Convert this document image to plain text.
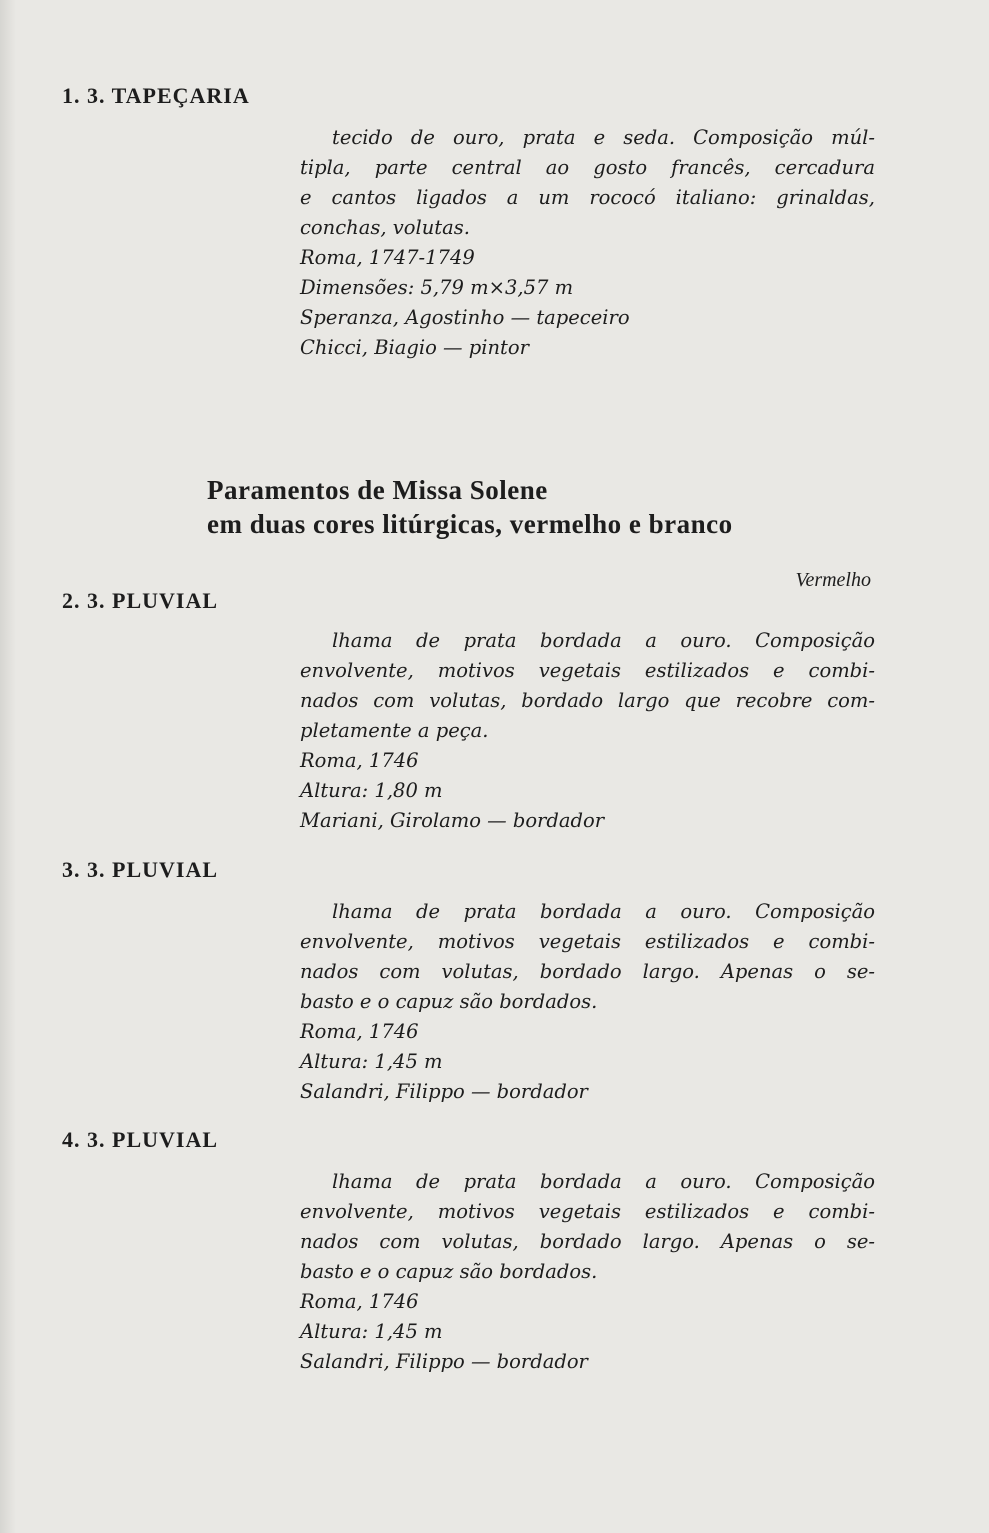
1. 3. TAPEÇARIA

tecido de ouro, prata e seda. Composição múl-

tipla, parte central ao gosto francês, cercadura

e cantos ligados a um rococó italiano: grinaldas,

conchas, volutas.

Roma, 1747-1749

Dimensões: 5,79 m×3,57 m

Speranza, Agostinho — tapeceiro

Chicci, Biagio — pintor

Paramentos de Missa Solene
em duas cores litúrgicas, vermelho e branco
Vermelho
2. 3. PLUVIAL

lhama de prata bordada a ouro. Composição

envolvente, motivos vegetais estilizados e combi-

nados com volutas, bordado largo que recobre com-

pletamente a peça.

Roma, 1746

Altura: 1,80 m

Mariani, Girolamo — bordador

3. 3. PLUVIAL

lhama de prata bordada a ouro. Composição

envolvente, motivos vegetais estilizados e combi-

nados com volutas, bordado largo. Apenas o se-

basto e o capuz são bordados.

Roma, 1746

Altura: 1,45 m

Salandri, Filippo — bordador

4. 3. PLUVIAL

lhama de prata bordada a ouro. Composição

envolvente, motivos vegetais estilizados e combi-

nados com volutas, bordado largo. Apenas o se-

basto e o capuz são bordados.

Roma, 1746

Altura: 1,45 m

Salandri, Filippo — bordador
